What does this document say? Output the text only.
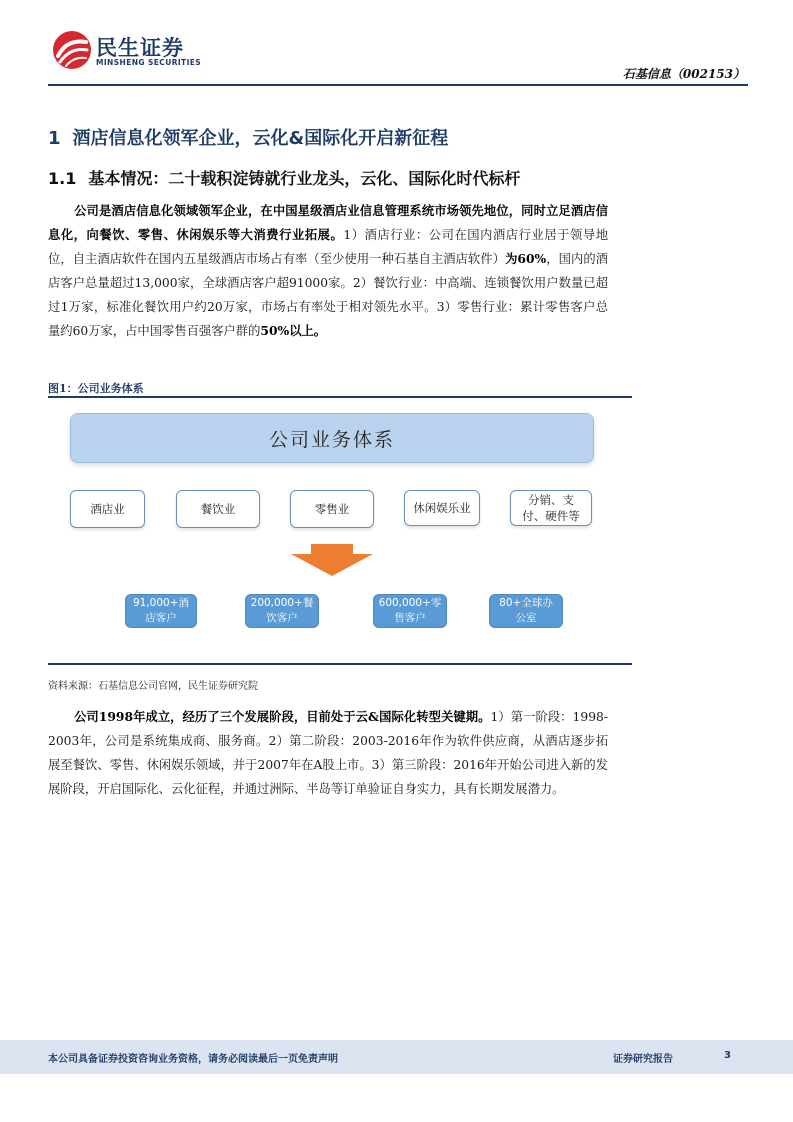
民生证券
MINSHENG SECURITIES
石基信息（002153）
1 酒店信息化领军企业，云化&国际化开启新征程
1.1 基本情况：二十载积淀铸就行业龙头，云化、国际化时代标杆
公司是酒店信息化领域领军企业，在中国星级酒店业信息管理系统市场领先地位，同时立足酒店信息化，向餐饮、零售、休闲娱乐等大消费行业拓展。1）酒店行业：公司在国内酒店行业居于领导地位，自主酒店软件在国内五星级酒店市场占有率（至少使用一种石基自主酒店软件）为60%，国内的酒店客户总量超过13,000家，全球酒店客户超91000家。2）餐饮行业：中高端、连锁餐饮用户数量已超过1万家，标准化餐饮用户约20万家，市场占有率处于相对领先水平。3）零售行业：累计零售客户总量约60万家，占中国零售百强客户群的50%以上。
图1：公司业务体系
公司业务体系
酒店业	餐饮业	零售业	休闲娱乐业
分销、支付、硬件等
91,000+酒店客户
200,000+餐饮客户
600,000+零售客户
80+全球办公室
资料来源：石基信息公司官网，民生证券研究院
公司1998年成立，经历了三个发展阶段，目前处于云&国际化转型关键期。1）第一阶段：1998-2003年，公司是系统集成商、服务商。2）第二阶段：2003-2016年作为软件供应商，从酒店逐步拓展至餐饮、零售、休闲娱乐领域，并于2007年在A股上市。3）第三阶段：2016年开始公司进入新的发展阶段，开启国际化、云化征程，并通过洲际、半岛等订单验证自身实力，具有长期发展潜力。
本公司具备证券投资咨询业务资格，请务必阅读最后一页免责声明	证券研究报告	3
